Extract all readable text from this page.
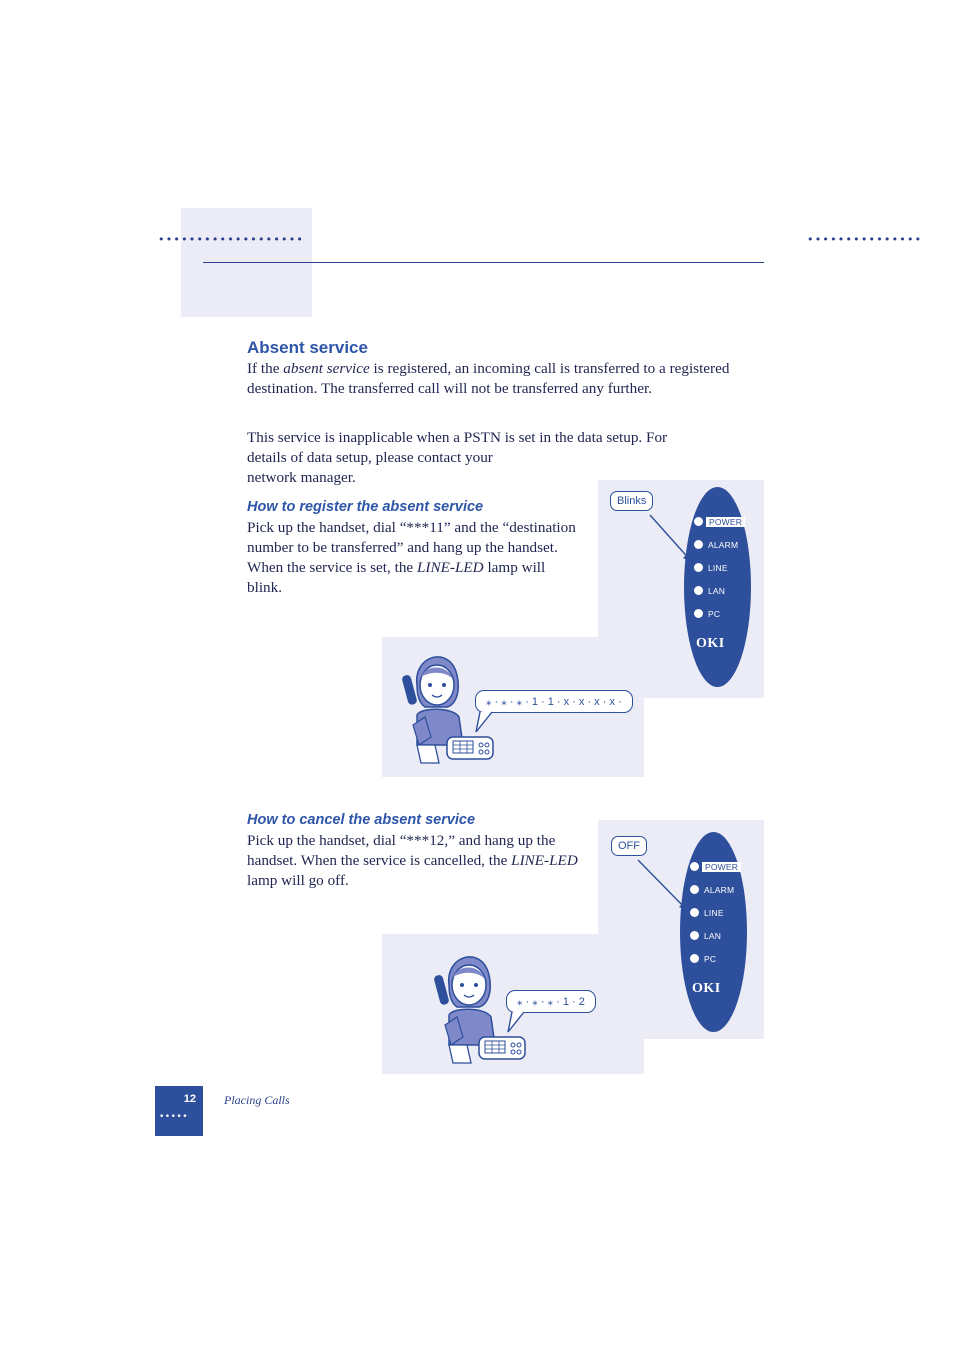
•••••••••••••••••••	•••••••••••••••
Absent service

If the absent service is registered, an incoming call is transferred to a registered destination. The transferred call will not be transferred any further.

This service is inapplicable when a PSTN is set in the data setup. For
details of data setup, please contact your
network manager.

How to register the absent service

Pick up the handset, dial “***11” and the “destination number to be transferred” and hang up the handset. When the service is set, the LINE-LED lamp will blink.

POWER
ALARM
LINE
LAN
PC
OKI
Blinks
⁎ · ⁎ · ⁎ · 1 · 1 · x · x · x · x ·
How to cancel the absent service

Pick up the handset, dial “***12,” and hang up the handset. When the service is cancelled, the LINE-LED lamp will go off.

POWER
ALARM
LINE
LAN
PC
OKI
OFF
⁎ · ⁎ · ⁎ · 1 · 2
12
•••••
Placing Calls
